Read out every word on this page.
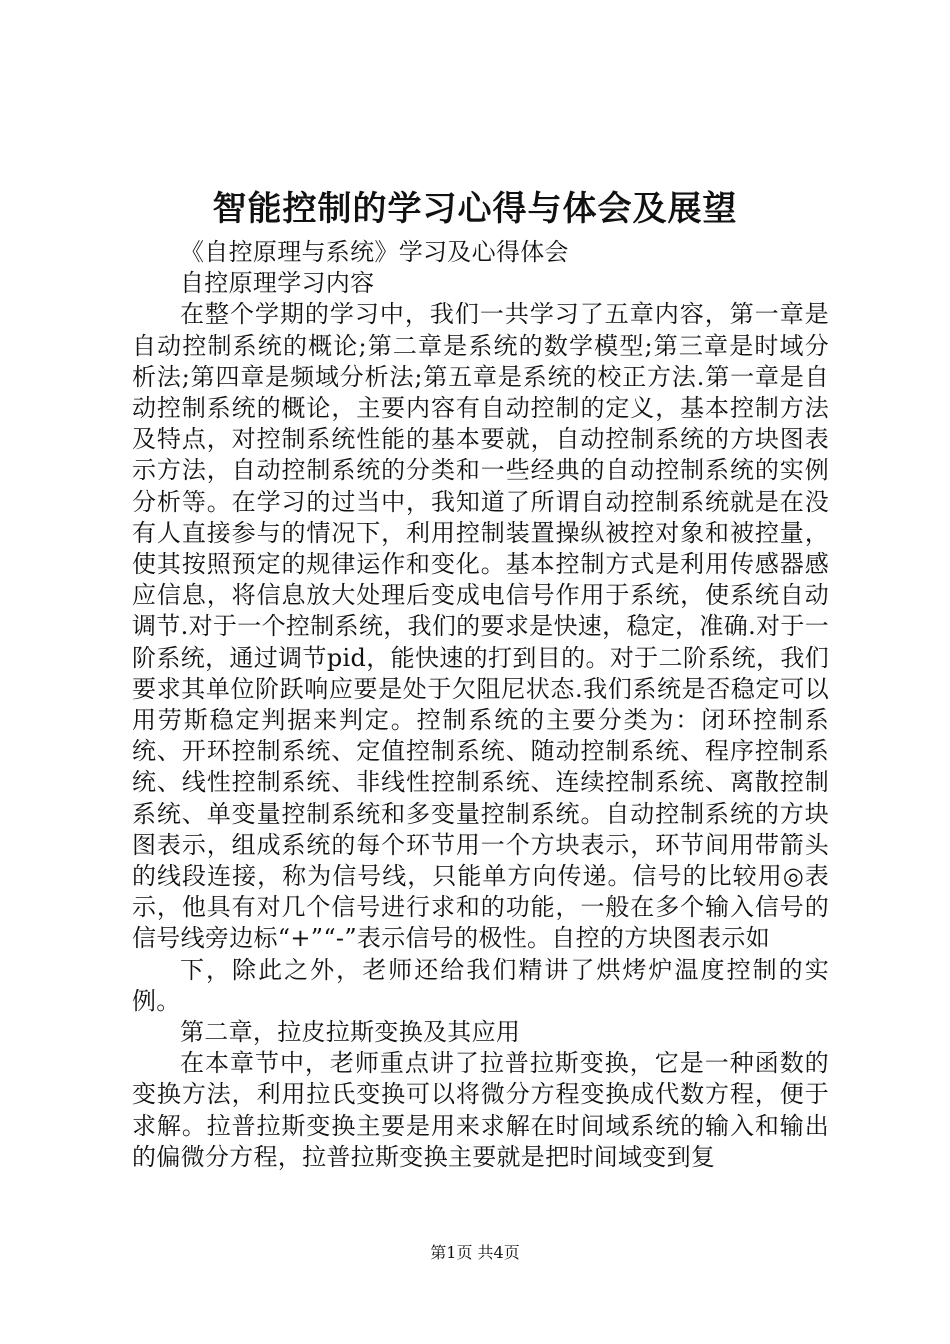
智能控制的学习心得与体会及展望

《自控原理与系统》学习及心得体会

自控原理学习内容

在整个学期的学习中，我们一共学习了五章内容，第一章是自动控制系统的概论;第二章是系统的数学模型;第三章是时域分析法;第四章是频域分析法;第五章是系统的校正方法.第一章是自动控制系统的概论，主要内容有自动控制的定义，基本控制方法及特点，对控制系统性能的基本要就，自动控制系统的方块图表示方法，自动控制系统的分类和一些经典的自动控制系统的实例分析等。在学习的过当中，我知道了所谓自动控制系统就是在没有人直接参与的情况下，利用控制装置操纵被控对象和被控量，使其按照预定的规律运作和变化。基本控制方式是利用传感器感应信息，将信息放大处理后变成电信号作用于系统，使系统自动调节.对于一个控制系统，我们的要求是快速，稳定，准确.对于一阶系统，通过调节pid，能快速的打到目的。对于二阶系统，我们要求其单位阶跃响应要是处于欠阻尼状态.我们系统是否稳定可以用劳斯稳定判据来判定。控制系统的主要分类为：闭环控制系统、开环控制系统、定值控制系统、随动控制系统、程序控制系统、线性控制系统、非线性控制系统、连续控制系统、离散控制系统、单变量控制系统和多变量控制系统。自动控制系统的方块图表示，组成系统的每个环节用一个方块表示，环节间用带箭头的线段连接，称为信号线，只能单方向传递。信号的比较用◎表示，他具有对几个信号进行求和的功能，一般在多个输入信号的信号线旁边标“+”“-”表示信号的极性。自控的方块图表示如

下，除此之外，老师还给我们精讲了烘烤炉温度控制的实例。

第二章，拉皮拉斯变换及其应用

在本章节中，老师重点讲了拉普拉斯变换，它是一种函数的变换方法，利用拉氏变换可以将微分方程变换成代数方程，便于求解。拉普拉斯变换主要是用来求解在时间域系统的输入和输出的偏微分方程，拉普拉斯变换主要就是把时间域变到复

第1页 共4页
